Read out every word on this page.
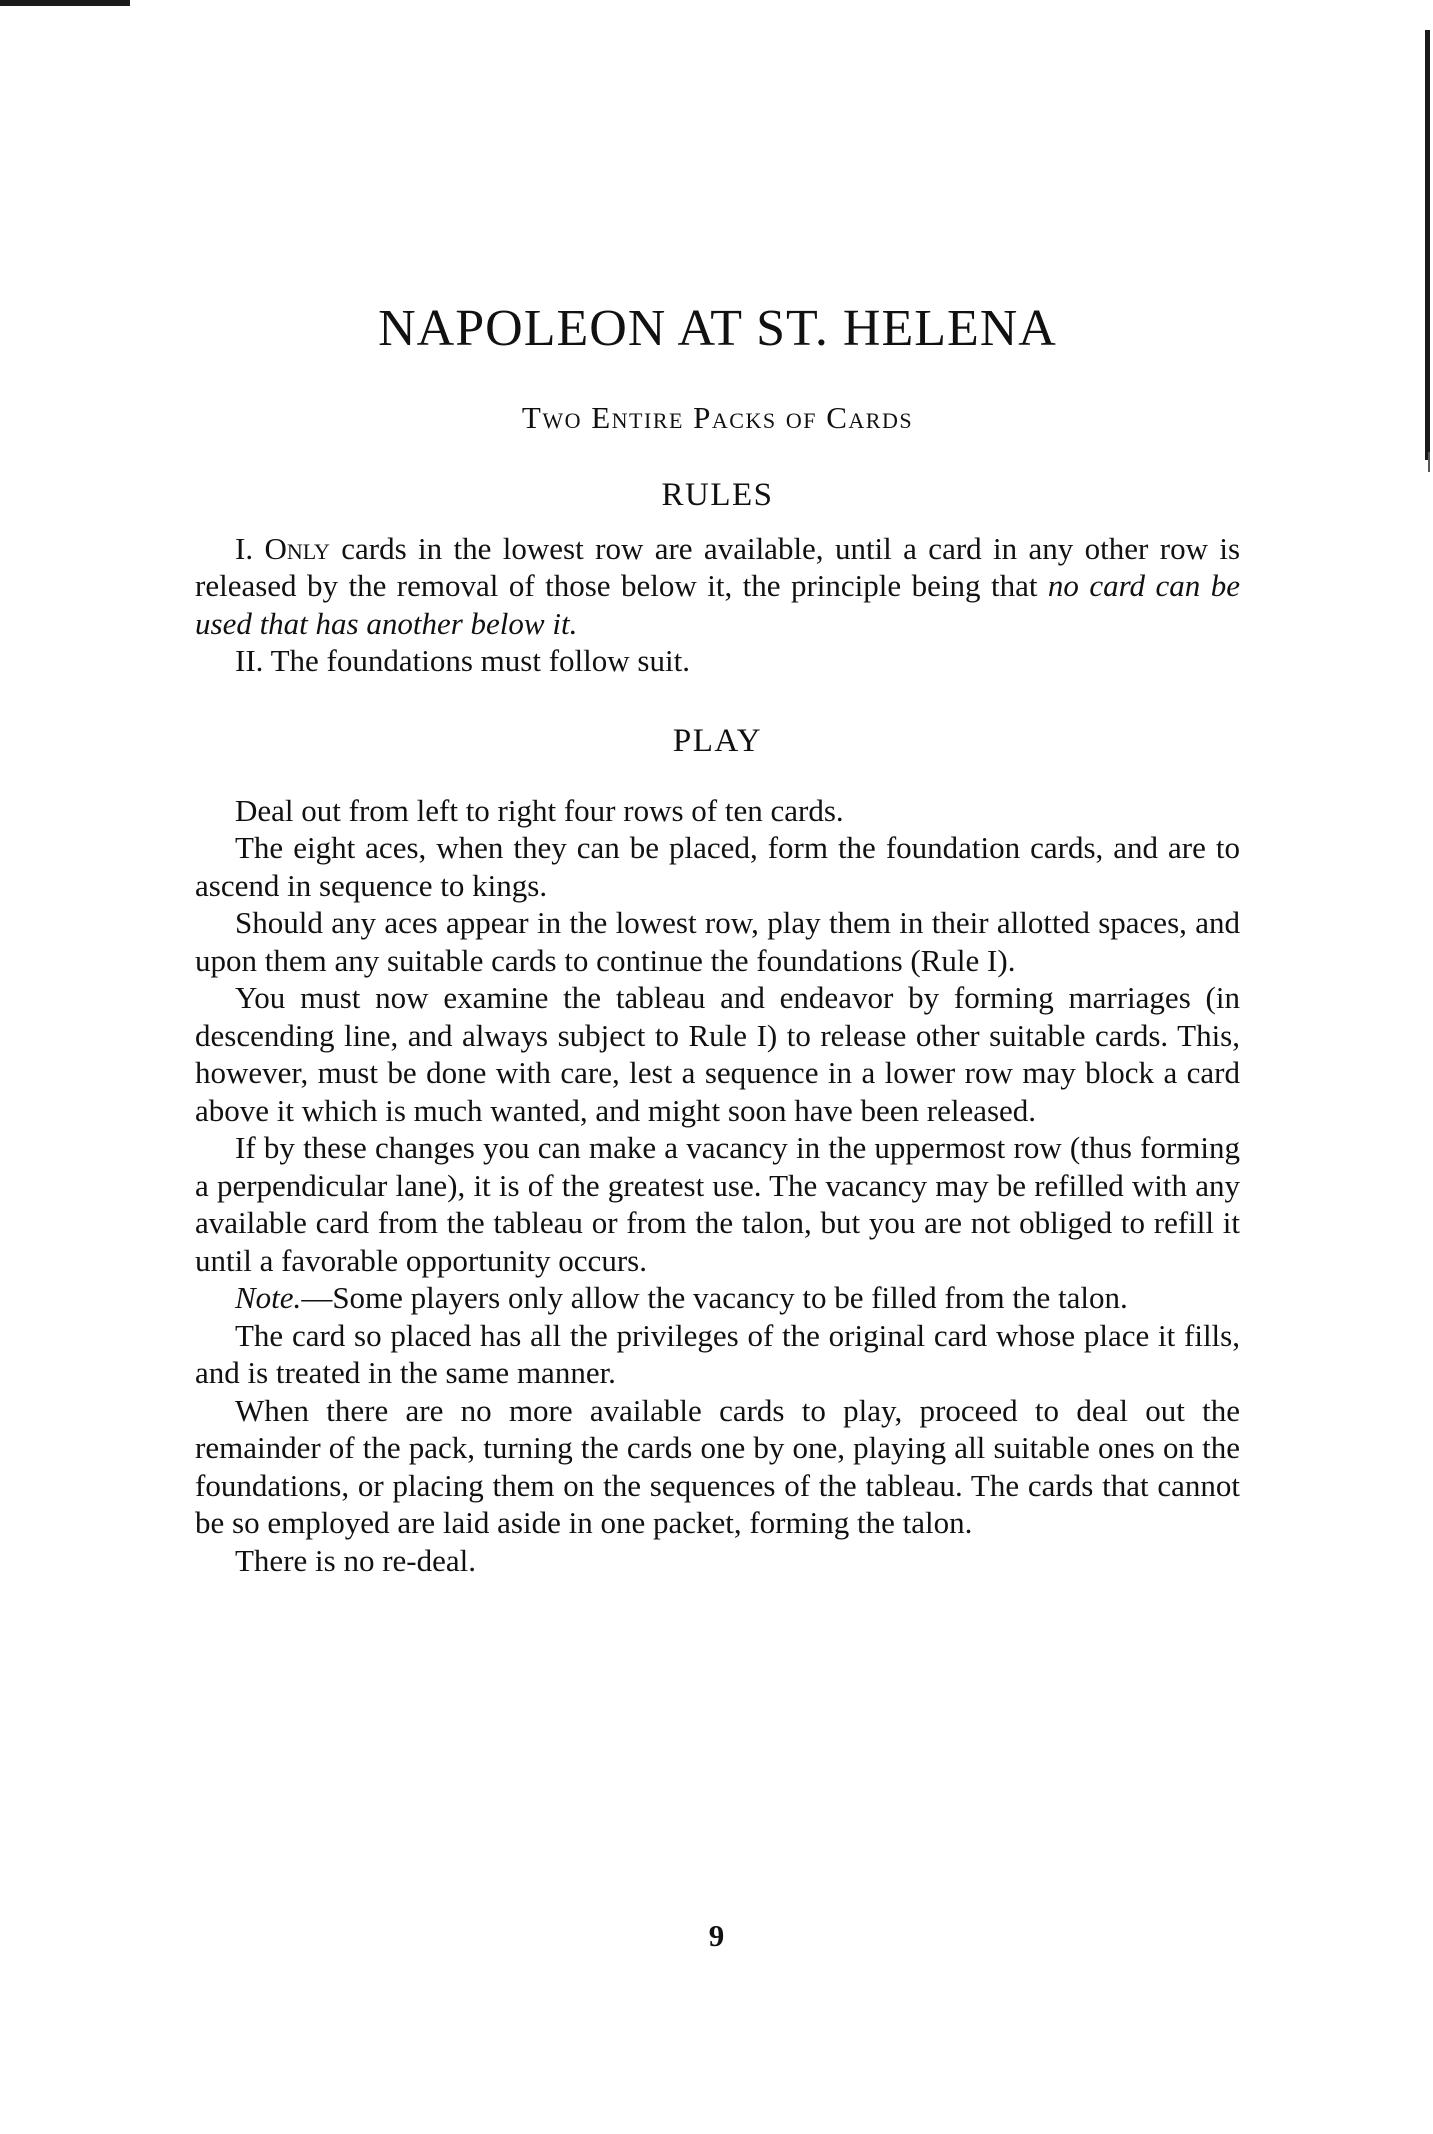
NAPOLEON AT ST. HELENA
Two Entire Packs of Cards
RULES

I. Only cards in the lowest row are available, until a card in any other row is released by the removal of those below it, the principle being that no card can be used that has another below it.

II. The foundations must follow suit.

PLAY

Deal out from left to right four rows of ten cards.

The eight aces, when they can be placed, form the foundation cards, and are to ascend in sequence to kings.

Should any aces appear in the lowest row, play them in their allotted spaces, and upon them any suitable cards to continue the foundations (Rule I).

You must now examine the tableau and endeavor by forming marriages (in descending line, and always subject to Rule I) to release other suitable cards. This, however, must be done with care, lest a sequence in a lower row may block a card above it which is much wanted, and might soon have been released.

If by these changes you can make a vacancy in the uppermost row (thus forming a perpendicular lane), it is of the greatest use. The vacancy may be refilled with any available card from the tableau or from the talon, but you are not obliged to refill it until a favorable opportunity occurs.

Note.—Some players only allow the vacancy to be filled from the talon.

The card so placed has all the privileges of the original card whose place it fills, and is treated in the same manner.

When there are no more available cards to play, proceed to deal out the remainder of the pack, turning the cards one by one, playing all suitable ones on the foundations, or placing them on the sequences of the tableau. The cards that cannot be so employed are laid aside in one packet, forming the talon.

There is no re-deal.

9
